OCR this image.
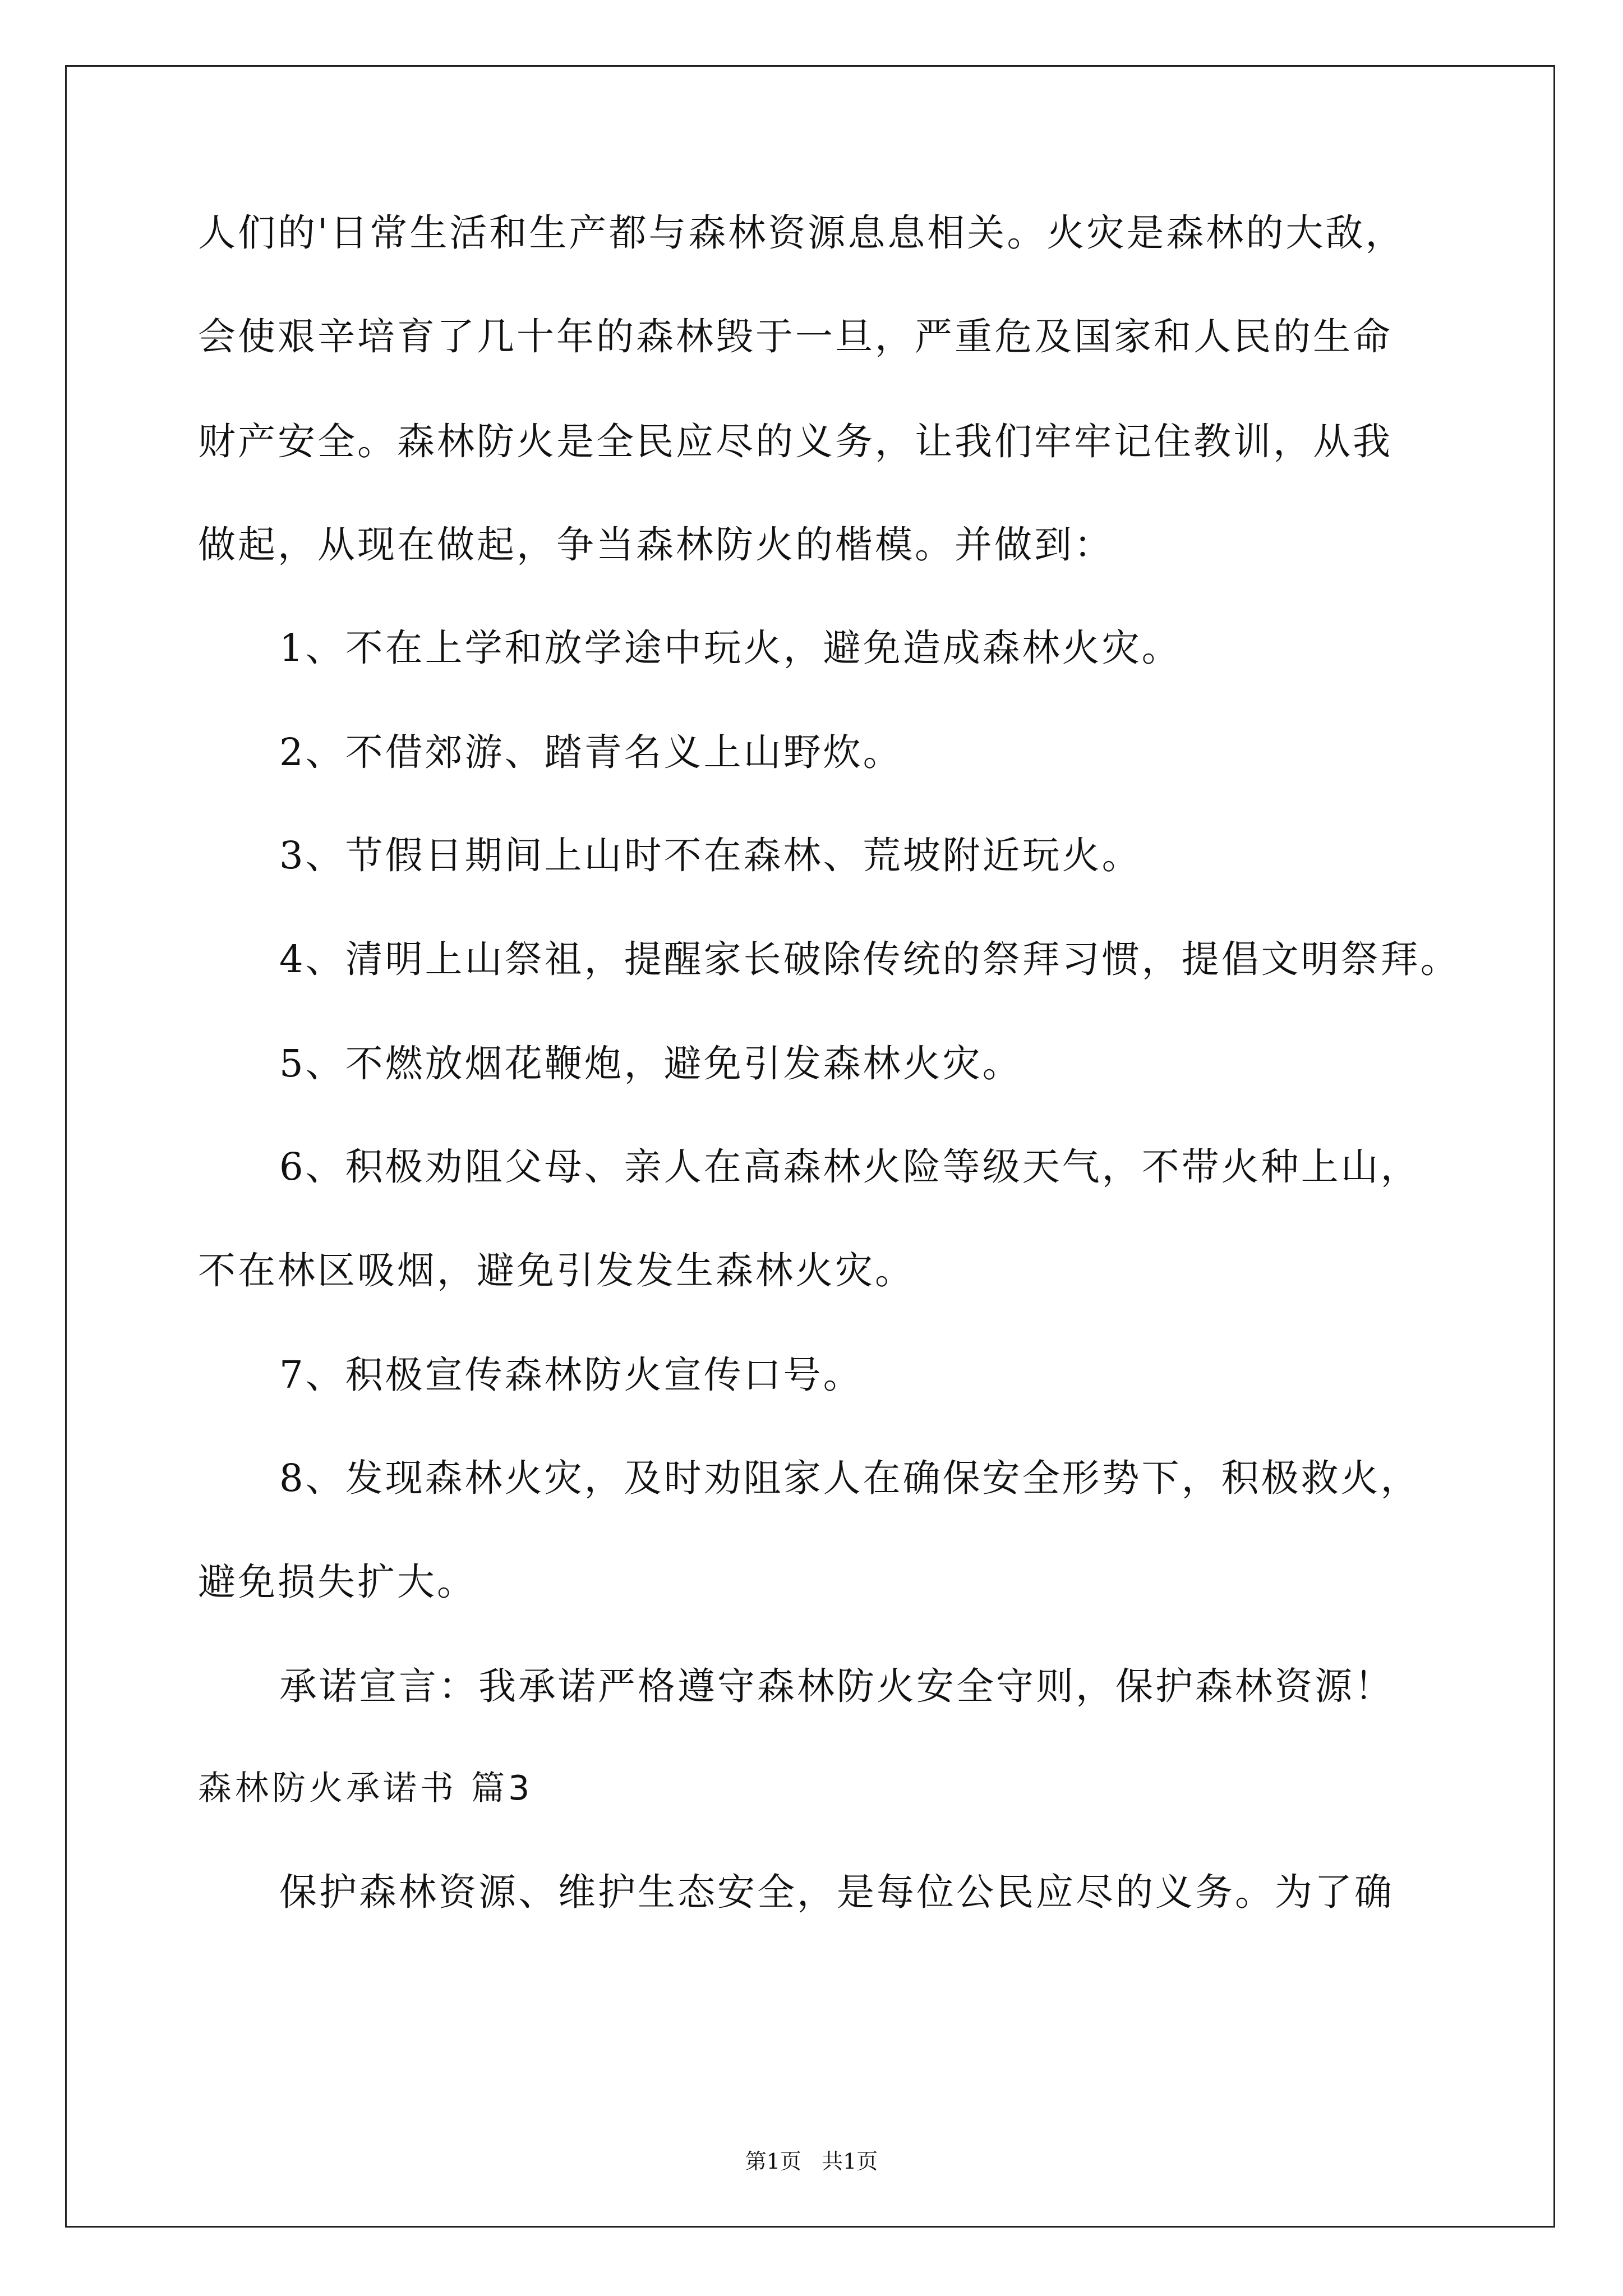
人们的'日常生活和生产都与森林资源息息相关。火灾是森林的大敌，
会使艰辛培育了几十年的森林毁于一旦，严重危及国家和人民的生命
财产安全。森林防火是全民应尽的义务，让我们牢牢记住教训，从我
做起，从现在做起，争当森林防火的楷模。并做到：
1、不在上学和放学途中玩火，避免造成森林火灾。
2、不借郊游、踏青名义上山野炊。
3、节假日期间上山时不在森林、荒坡附近玩火。
4、清明上山祭祖，提醒家长破除传统的祭拜习惯，提倡文明祭拜。
5、不燃放烟花鞭炮，避免引发森林火灾。
6、积极劝阻父母、亲人在高森林火险等级天气，不带火种上山，
不在林区吸烟，避免引发发生森林火灾。
7、积极宣传森林防火宣传口号。
8、发现森林火灾，及时劝阻家人在确保安全形势下，积极救火，
避免损失扩大。
承诺宣言：我承诺严格遵守森林防火安全守则，保护森林资源！
森林防火承诺书 篇3
保护森林资源、维护生态安全，是每位公民应尽的义务。为了确
第1页   共1页
